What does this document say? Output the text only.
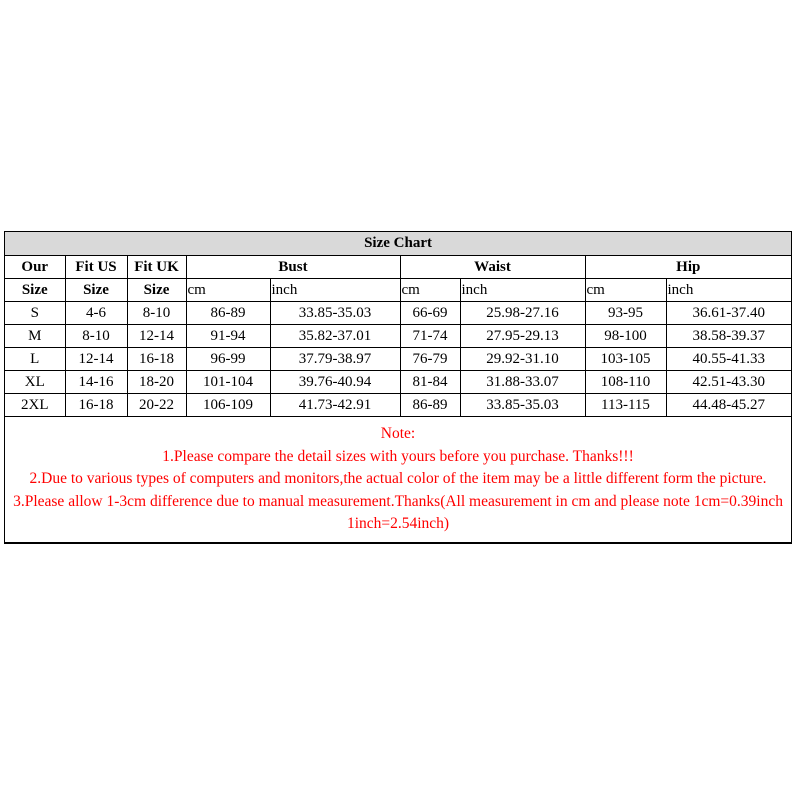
Size Chart								
Our	Fit US	Fit UK	Bust		Waist		Hip	
Size	Size	Size	cm	inch	cm	inch	cm	inch
S	4-6	8-10	86-89	33.85-35.03	66-69	25.98-27.16	93-95	36.61-37.40
M	8-10	12-14	91-94	35.82-37.01	71-74	27.95-29.13	98-100	38.58-39.37
L	12-14	16-18	96-99	37.79-38.97	76-79	29.92-31.10	103-105	40.55-41.33
XL	14-16	18-20	101-104	39.76-40.94	81-84	31.88-33.07	108-110	42.51-43.30
2XL	16-18	20-22	106-109	41.73-42.91	86-89	33.85-35.03	113-115	44.48-45.27

Note:
1.Please compare the detail sizes with yours before you purchase. Thanks!!!
2.Due to various types of computers and monitors,the actual color of the item may be a little different form the picture.
3.Please allow 1-3cm difference due to manual measurement.Thanks(All measurement in cm and please note 1cm=0.39inch 1inch=2.54inch)								
